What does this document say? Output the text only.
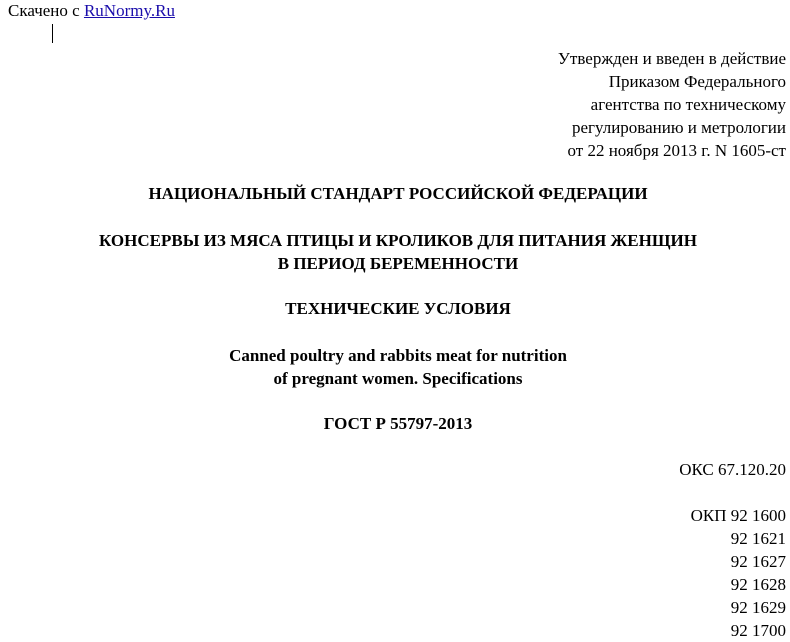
Скачено с RuNormy.Ru
Утвержден и введен в действие
Приказом Федерального
агентства по техническому
регулированию и метрологии
от 22 ноября 2013 г. N 1605-ст
НАЦИОНАЛЬНЫЙ СТАНДАРТ РОССИЙСКОЙ ФЕДЕРАЦИИ
КОНСЕРВЫ ИЗ МЯСА ПТИЦЫ И КРОЛИКОВ ДЛЯ ПИТАНИЯ ЖЕНЩИН
В ПЕРИОД БЕРЕМЕННОСТИ
ТЕХНИЧЕСКИЕ УСЛОВИЯ
Canned poultry and rabbits meat for nutrition
of pregnant women. Specifications
ГОСТ Р 55797-2013
ОКС 67.120.20
ОКП 92 1600
92 1621
92 1627
92 1628
92 1629
92 1700
